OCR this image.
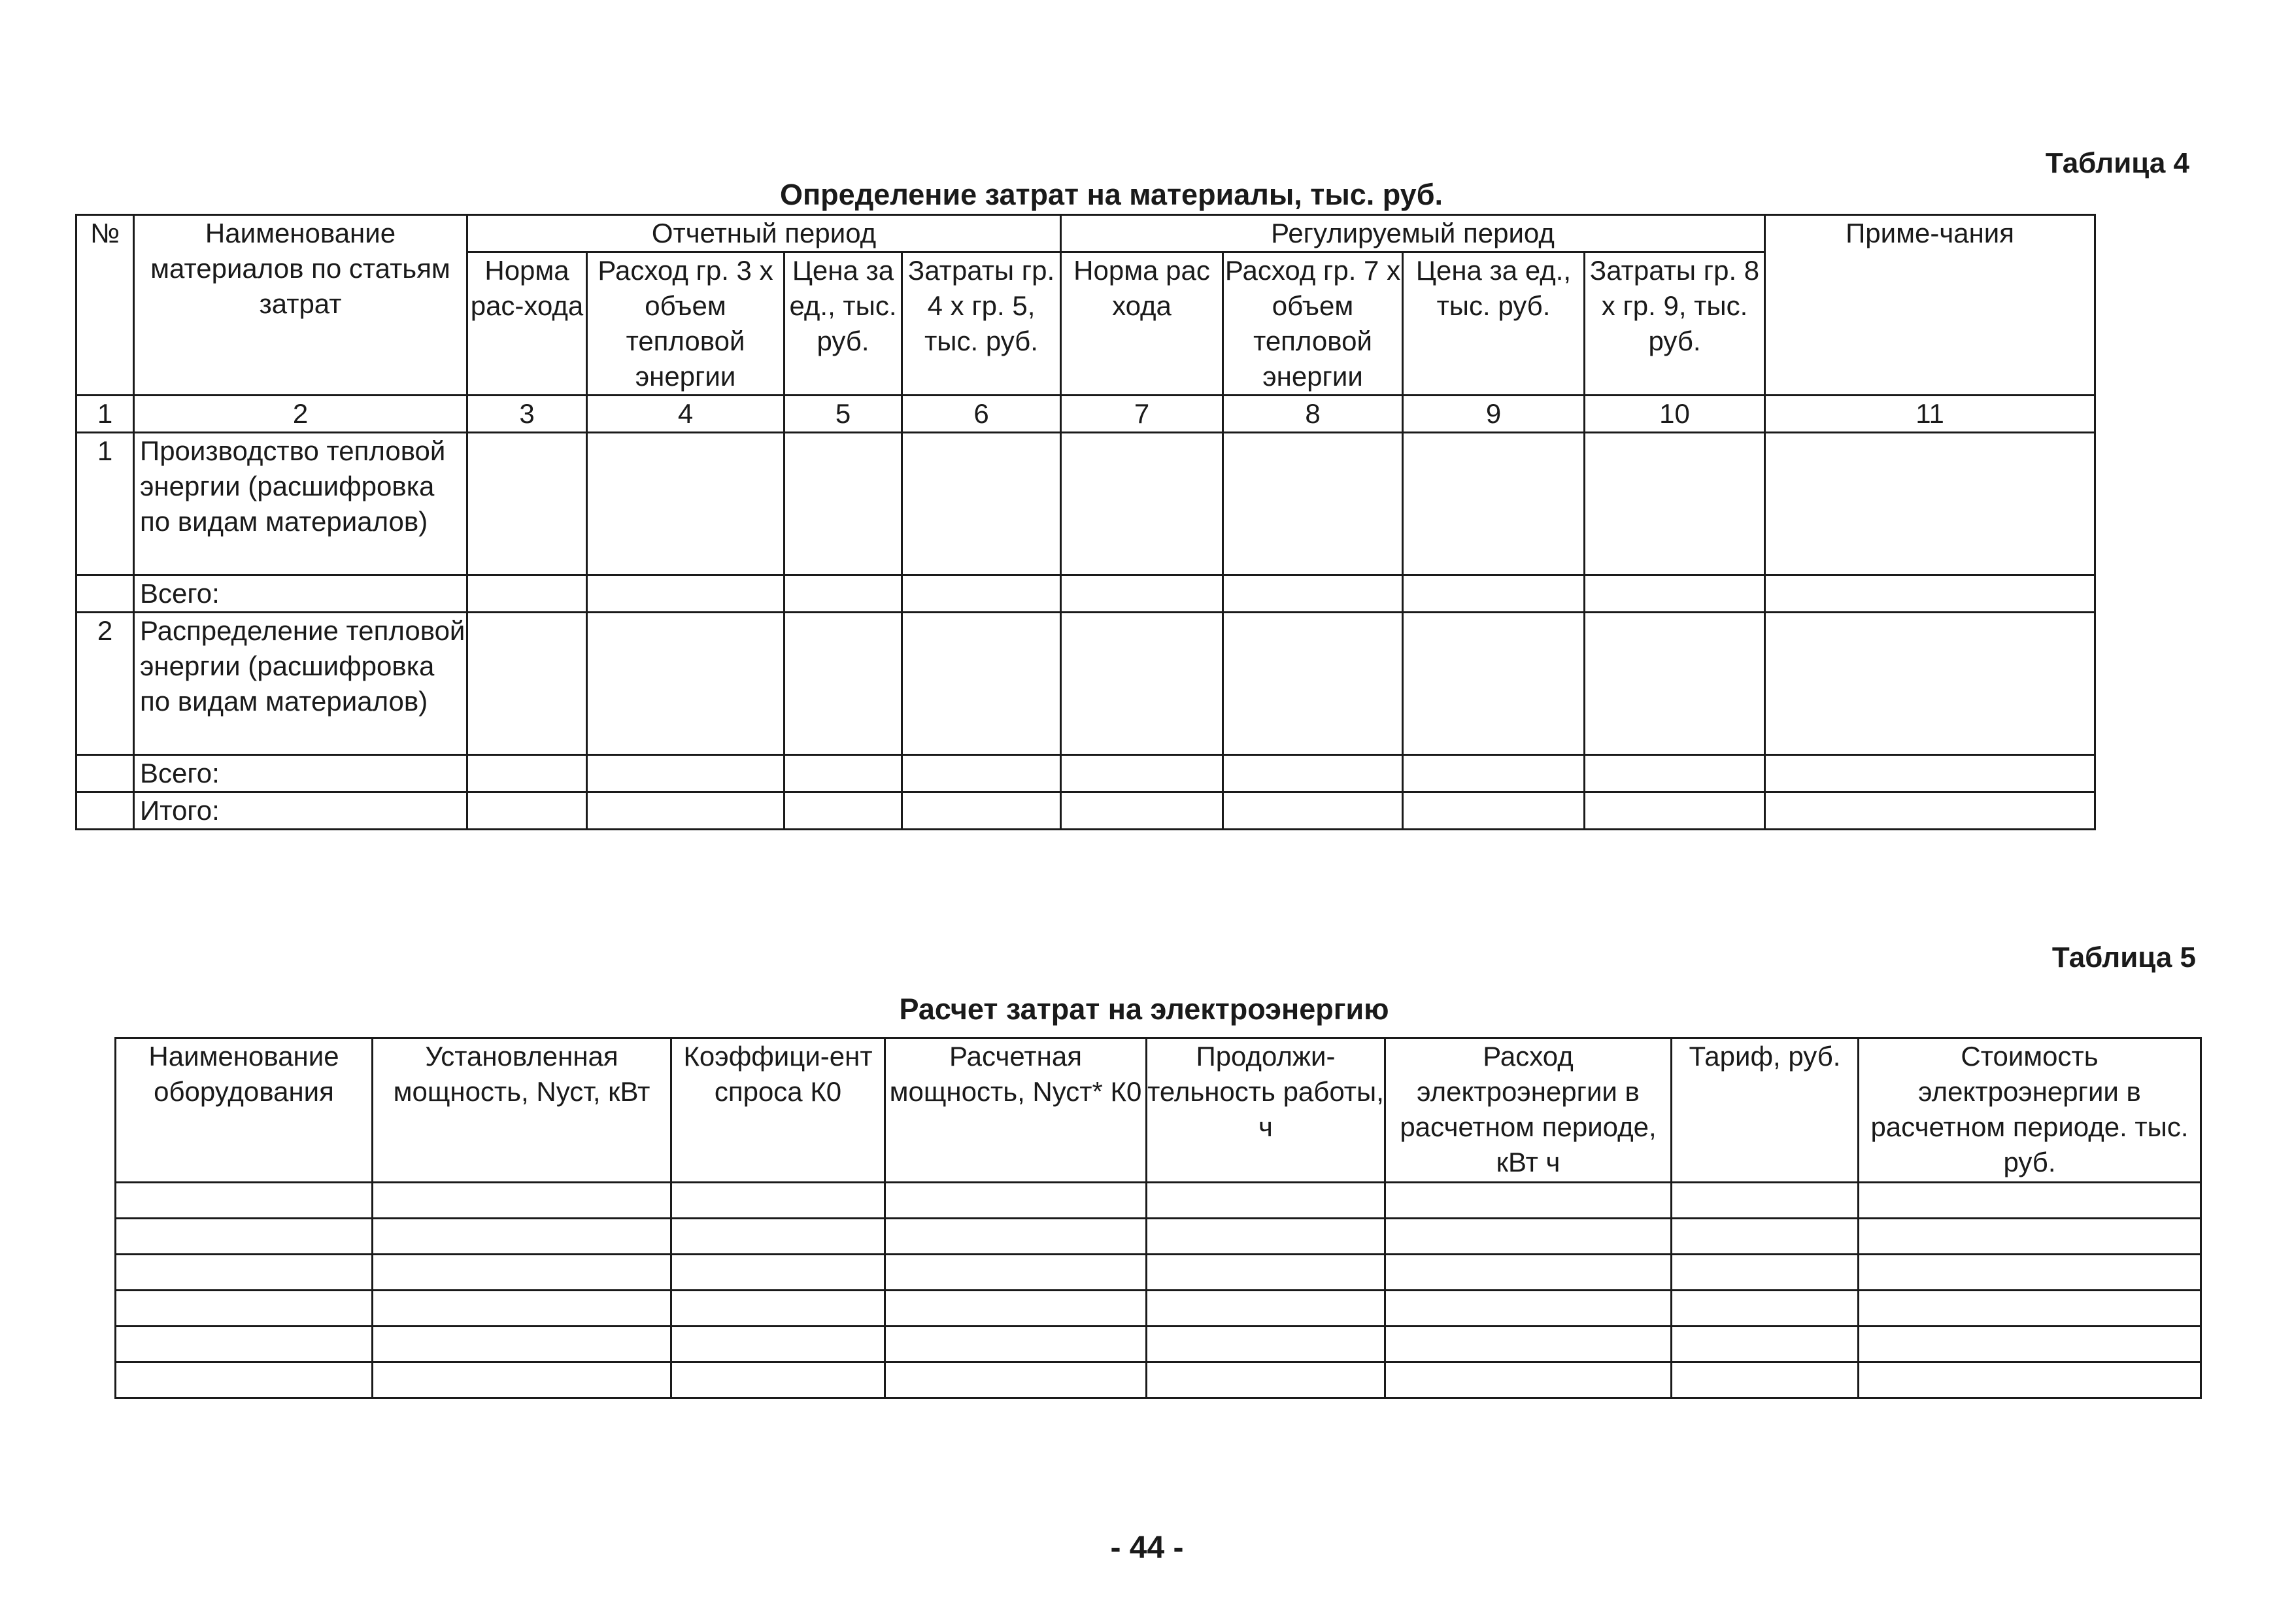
Таблица 4
Определение затрат на материалы, тыс. руб.
№	Наименование материалов по статьям затрат	Отчетный период				Регулируемый период				Приме-чания
		Норма рас-хода	Расход гр. 3 х объем тепловой энергии	Цена за ед., тыс. руб.	Затраты гр. 4 х гр. 5, тыс. руб.	Норма рас хода	Расход гр. 7 х объем тепловой энергии	Цена за ед., тыс. руб.	Затраты гр. 8 х гр. 9, тыс. руб.	
1	2	3	4	5	6	7	8	9	10	11
1	Производство тепловой энергии (расшифровка по видам материалов)									
	Всего:									
2	Распределение тепловой энергии (расшифровка по видам материалов)									
	Всего:									
	Итого:									
Таблица 5
Расчет затрат на электроэнергию
Наименование оборудования	Установленная мощность, Nуст, кВт	Коэффици-ент спроса К0	Расчетная мощность, Nуст* К0	Продолжи-тельность работы, ч	Расход электроэнергии в расчетном периоде, кВт ч	Тариф, руб.	Стоимость электроэнергии в расчетном периоде. тыс. руб.

- 44 -
